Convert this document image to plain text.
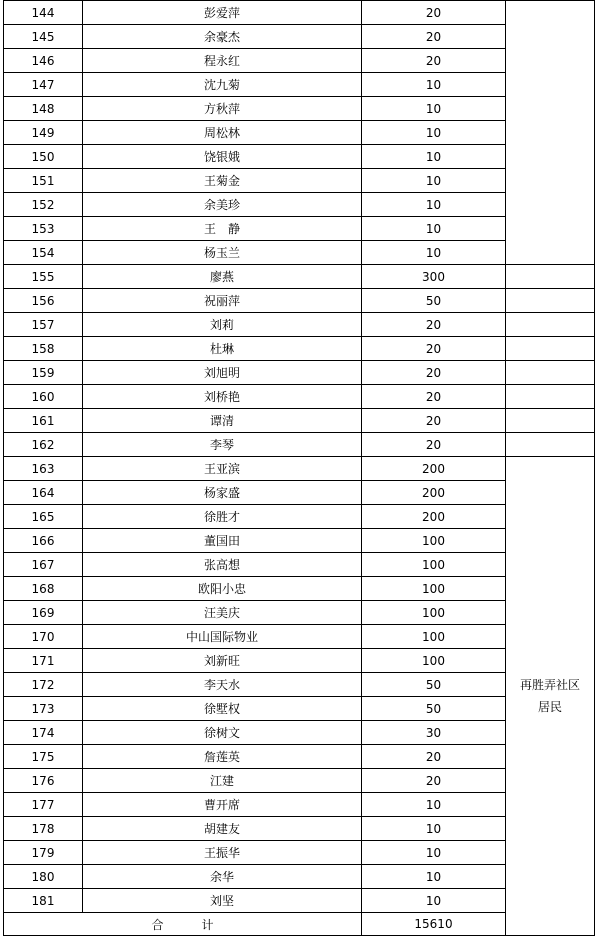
144	彭爱萍	20		
145	余豪杰	20		
146	程永红	20		
147	沈九菊	10		
148	方秋萍	10		
149	周松林	10		
150	饶银娥	10		
151	王菊金	10		
152	余美珍	10		
153	王　静	10		
154	杨玉兰	10		
155	廖燕	300		
156	祝丽萍	50		
157	刘莉	20		
158	杜琳	20		
159	刘旭明	20		
160	刘桥艳	20		
161	谭清	20		
162	李琴	20		
163	王亚滨	200	再胜弄社区
居民	

164	杨家盛	200		
165	徐胜才	200		
166	董国田	100		
167	张高想	100		
168	欧阳小忠	100		
169	汪美庆	100		
170	中山国际物业	100		
171	刘新旺	100		
172	李天水	50		
173	徐墅权	50		
174	徐树文	30		
175	詹莲英	20		
176	江建	20		
177	曹开席	10		
178	胡建友	10		
179	王振华	10		
180	余华	10		
181	刘坚	10		
合 计		15610		
